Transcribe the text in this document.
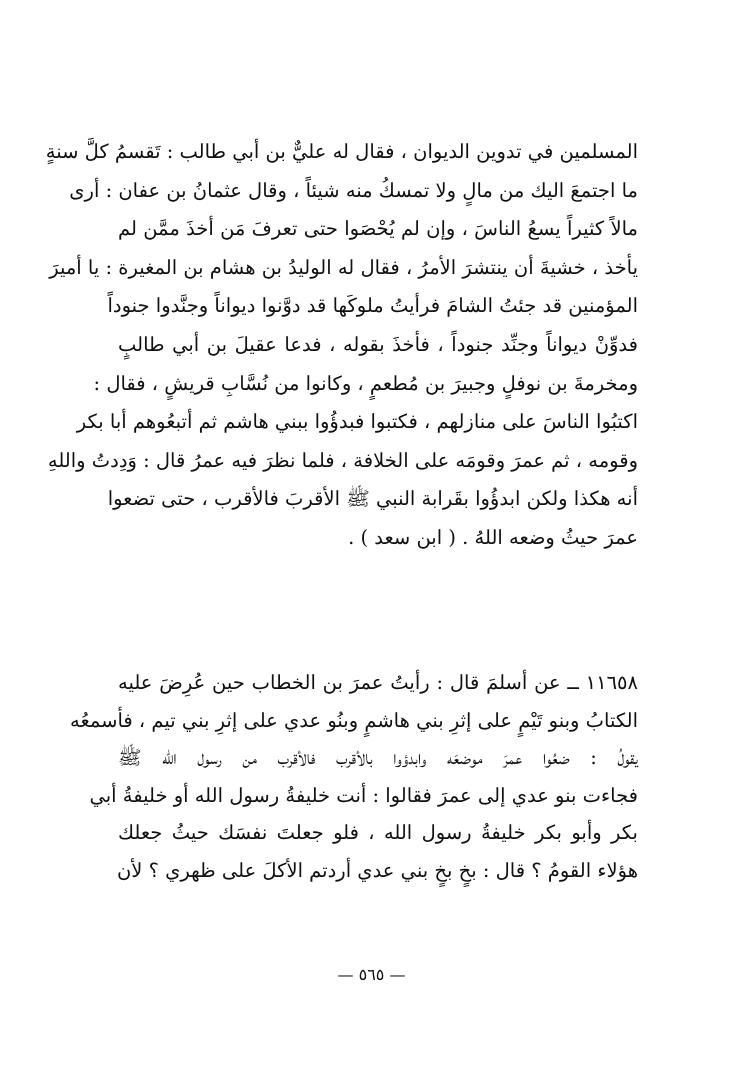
المسلمين في تدوين الديوان ، فقال له عليٌّ بن أبي طالب : تَقسمُ كلَّ سنةٍ
ما اجتمعَ اليك من مالٍ ولا تمسكُ منه شيئاً ، وقال عثمانُ بن عفان : أرى
مالاً كثيراً يسعُ الناسَ ، وإن لم يُحْصَوا حتى تعرفَ مَن أخذَ ممَّن لم
يأخذ ، خشيةَ أن ينتشرَ الأمرُ ، فقال له الوليدُ بن هشام بن المغيرة : يا أميرَ
المؤمنين قد جئتُ الشامَ فرأيتُ ملوكَها قد دوَّنوا ديواناً وجنَّدوا جنوداً
فدوِّنْ ديواناً وجنِّد جنوداً ، فأخذَ بقوله ، فدعا عقيلَ بن أبي طالبٍ
ومخرمةَ بن نوفلٍ وجبيرَ بن مُطعمٍ ، وكانوا من نُسَّابِ قريشٍ ، فقال :
اكتبُوا الناسَ على منازلهم ، فكتبوا فبدؤُوا ببني هاشم ثم أتبعُوهم أبا بكر
وقومه ، ثم عمرَ وقومَه على الخلافة ، فلما نظرَ فيه عمرُ قال : وَدِدتُ واللهِ
أنه هكذا ولكن ابدؤُوا بقَرابة النبي ﷺ الأقربَ فالأقرب ، حتى تضعوا
عمرَ حيثُ وضعه اللهُ . ( ابن سعد ) .
١١٦٥٨ ــ عن أسلمَ قال : رأيتُ عمرَ بن الخطاب حين عُرِضَ عليه
الكتابُ وبنو تَيْمٍ على إثرِ بني هاشمٍ وبنُو عدي على إثرِ بني تيم ، فأسمعُه
يقولُ : ضعُوا عمرَ موضعَه وابدؤوا بالأقرب فالأقرب من رسول الله ﷺ
فجاءت بنو عدي إلى عمرَ فقالوا : أنت خليفةُ رسول الله أو خليفةُ أبي
بكر وأبو بكر خليفةُ رسول الله ، فلو جعلتَ نفسَك حيثُ جعلك
هؤلاء القومُ ؟ قال : بخٍ بخٍ بني عدي أردتم الأكلَ على ظهري ؟ لأن
— ٥٦٥ —
